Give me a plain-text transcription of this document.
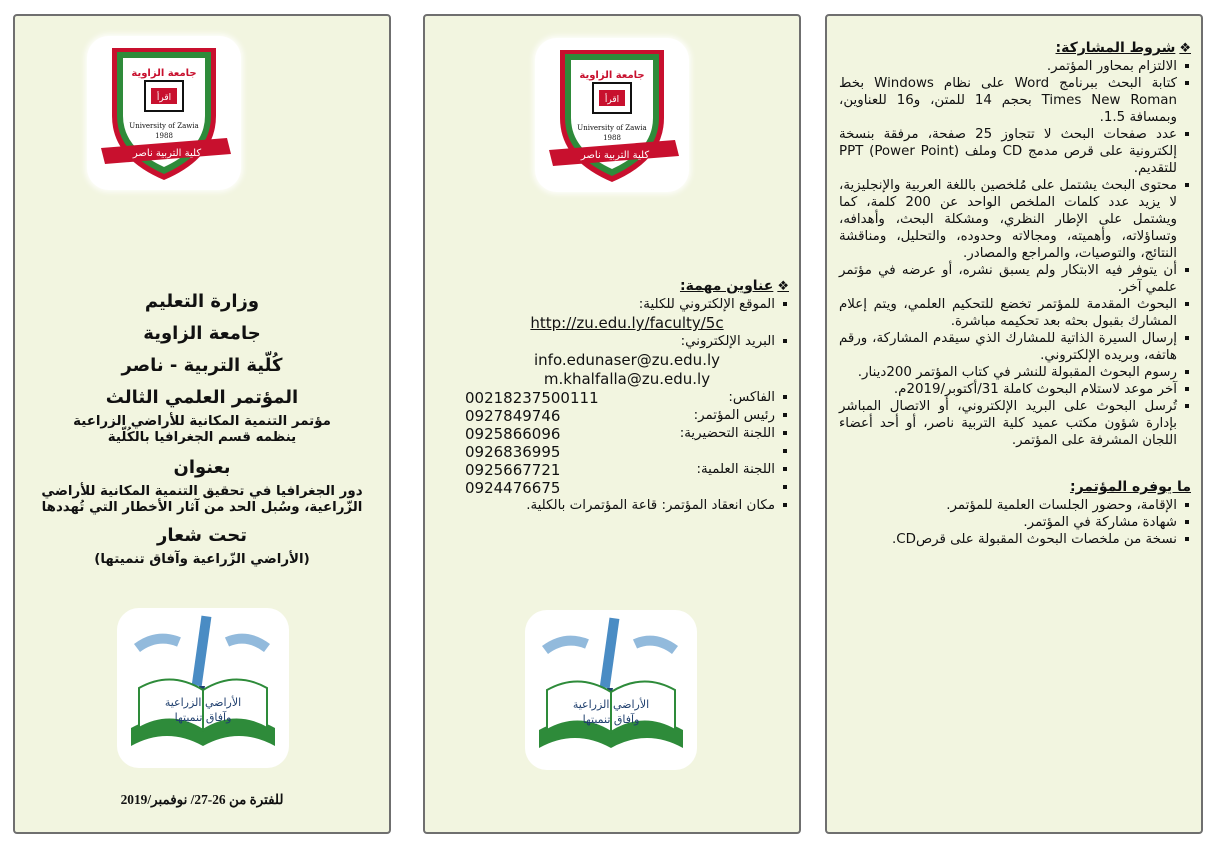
❖
شروط المشاركة:
الالتزام بمحاور المؤتمر.
كتابة البحث ببرنامج Word على نظام Windows بخط Times New Roman بحجم 14 للمتن، و16 للعناوين، وبمسافة 1.5.
عدد صفحات البحث لا تتجاوز 25 صفحة، مرفقة بنسخة إلكترونية على قرص مدمج CD وملف PPT (Power Point) للتقديم.
محتوى البحث يشتمل على مُلخصين باللغة العربية والإنجليزية، لا يزيد عدد كلمات الملخص الواحد عن 200 كلمة، كما ويشتمل على الإطار النظري، ومشكلة البحث، وأهدافه، وتساؤلاته، وأهميته، ومجالاته وحدوده، والتحليل، ومناقشة النتائج، والتوصيات، والمراجع والمصادر.
أن يتوفر فيه الابتكار ولم يسبق نشره، أو عرضه في مؤتمر علمي آخر.
البحوث المقدمة للمؤتمر تخضع للتحكيم العلمي، ويتم إعلام المشارك بقبول بحثه بعد تحكيمه مباشرة.
إرسال السيرة الذاتية للمشارك الذي سيقدم المشاركة، ورقم هاتفه، وبريده الإلكتروني.
رسوم البحوث المقبولة للنشر في كتاب المؤتمر 200دينار.
آخر موعد لاستلام البحوث كاملة 31/أكتوبر/2019م.
تُرسل البحوث على البريد الإلكتروني، أو الاتصال المباشر بإدارة شؤون مكتب عميد كلية التربية ناصر، أو أحد أعضاء اللجان المشرفة على المؤتمر.
ما يوفره المؤتمر:
الإقامة، وحضور الجلسات العلمية للمؤتمر.
شهادة مشاركة في المؤتمر.
نسخة من ملخصات البحوث المقبولة على قرصCD.
اقرأ
جامعة الزاوية
University of Zawia
1988
كلية التربية ناصر
❖
عناوين مهمة:
الموقع الإلكتروني للكلية:
http://zu.edu.ly/faculty/5c
البريد الإلكتروني:
info.edunaser@zu.edu.ly
m.khalfalla@zu.edu.ly
الفاكس:
00218237500111
رئيس المؤتمر:
0927849746
اللجنة التحضيرية:
0925866096
0926836995
اللجنة العلمية:
0925667721
0924476675
مكان انعقاد المؤتمر: قاعة المؤتمرات بالكلية.
الأراضي الزراعية
وآفاق تنميتها
اقرأ
جامعة الزاوية
University of Zawia
1988
كلية التربية ناصر
وزارة التعليم
جامعة الزاوية
كُلّية التربية - ناصر
المؤتمر العلمي الثالث
مؤتمر التنمية المكانية للأراضي الزراعية
ينظمه قسم الجغرافيا بالكُلّية
بعنوان
دور الجغرافيا في تحقيق التنمية المكانية للأراضي
الزّراعية، وسُبل الحد من آثار الأخطار التي تُهددها
تحت شعار
(الأراضي الزّراعية وآفاق تنميتها)
الأراضي الزراعية
وآفاق تنميتها
للفترة من 26-27/ نوفمبر/2019
